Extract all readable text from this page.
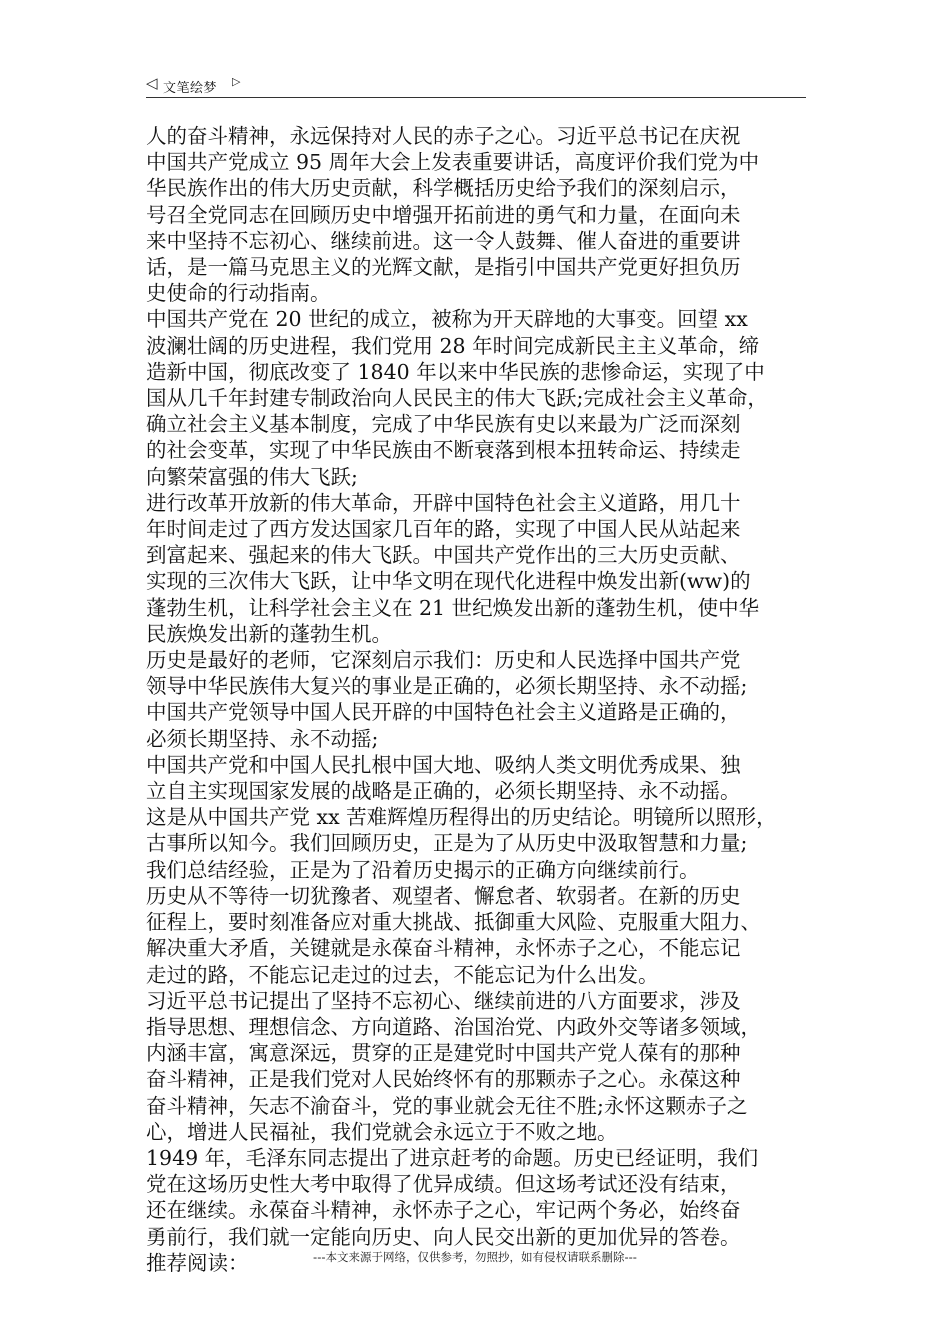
◁ 文笔绘梦 ▷

人的奋斗精神，永远保持对人民的赤子之心。习近平总书记在庆祝
中国共产党成立 95 周年大会上发表重要讲话，高度评价我们党为中
华民族作出的伟大历史贡献，科学概括历史给予我们的深刻启示，
号召全党同志在回顾历史中增强开拓前进的勇气和力量，在面向未
来中坚持不忘初心、继续前进。这一令人鼓舞、催人奋进的重要讲
话，是一篇马克思主义的光辉文献，是指引中国共产党更好担负历
史使命的行动指南。

中国共产党在 20 世纪的成立，被称为开天辟地的大事变。回望 xx
波澜壮阔的历史进程，我们党用 28 年时间完成新民主主义革命，缔
造新中国，彻底改变了 1840 年以来中华民族的悲惨命运，实现了中
国从几千年封建专制政治向人民民主的伟大飞跃;完成社会主义革命，
确立社会主义基本制度，完成了中华民族有史以来最为广泛而深刻
的社会变革，实现了中华民族由不断衰落到根本扭转命运、持续走
向繁荣富强的伟大飞跃;

进行改革开放新的伟大革命，开辟中国特色社会主义道路，用几十
年时间走过了西方发达国家几百年的路，实现了中国人民从站起来
到富起来、强起来的伟大飞跃。中国共产党作出的三大历史贡献、
实现的三次伟大飞跃，让中华文明在现代化进程中焕发出新(ww)的
蓬勃生机，让科学社会主义在 21 世纪焕发出新的蓬勃生机，使中华
民族焕发出新的蓬勃生机。

历史是最好的老师，它深刻启示我们：历史和人民选择中国共产党
领导中华民族伟大复兴的事业是正确的，必须长期坚持、永不动摇;
中国共产党领导中国人民开辟的中国特色社会主义道路是正确的，
必须长期坚持、永不动摇;

中国共产党和中国人民扎根中国大地、吸纳人类文明优秀成果、独
立自主实现国家发展的战略是正确的，必须长期坚持、永不动摇。
这是从中国共产党 xx 苦难辉煌历程得出的历史结论。明镜所以照形，
古事所以知今。我们回顾历史，正是为了从历史中汲取智慧和力量;
我们总结经验，正是为了沿着历史揭示的正确方向继续前行。

历史从不等待一切犹豫者、观望者、懈怠者、软弱者。在新的历史
征程上，要时刻准备应对重大挑战、抵御重大风险、克服重大阻力、
解决重大矛盾，关键就是永葆奋斗精神，永怀赤子之心，不能忘记
走过的路，不能忘记走过的过去，不能忘记为什么出发。

习近平总书记提出了坚持不忘初心、继续前进的八方面要求，涉及
指导思想、理想信念、方向道路、治国治党、内政外交等诸多领域，
内涵丰富，寓意深远，贯穿的正是建党时中国共产党人葆有的那种
奋斗精神，正是我们党对人民始终怀有的那颗赤子之心。永葆这种
奋斗精神，矢志不渝奋斗，党的事业就会无往不胜;永怀这颗赤子之
心，增进人民福祉，我们党就会永远立于不败之地。

1949 年，毛泽东同志提出了进京赶考的命题。历史已经证明，我们
党在这场历史性大考中取得了优异成绩。但这场考试还没有结束，
还在继续。永葆奋斗精神，永怀赤子之心，牢记两个务必，始终奋
勇前行，我们就一定能向历史、向人民交出新的更加优异的答卷。

推荐阅读：	---本文来源于网络，仅供参考，勿照抄，如有侵权请联系删除---
